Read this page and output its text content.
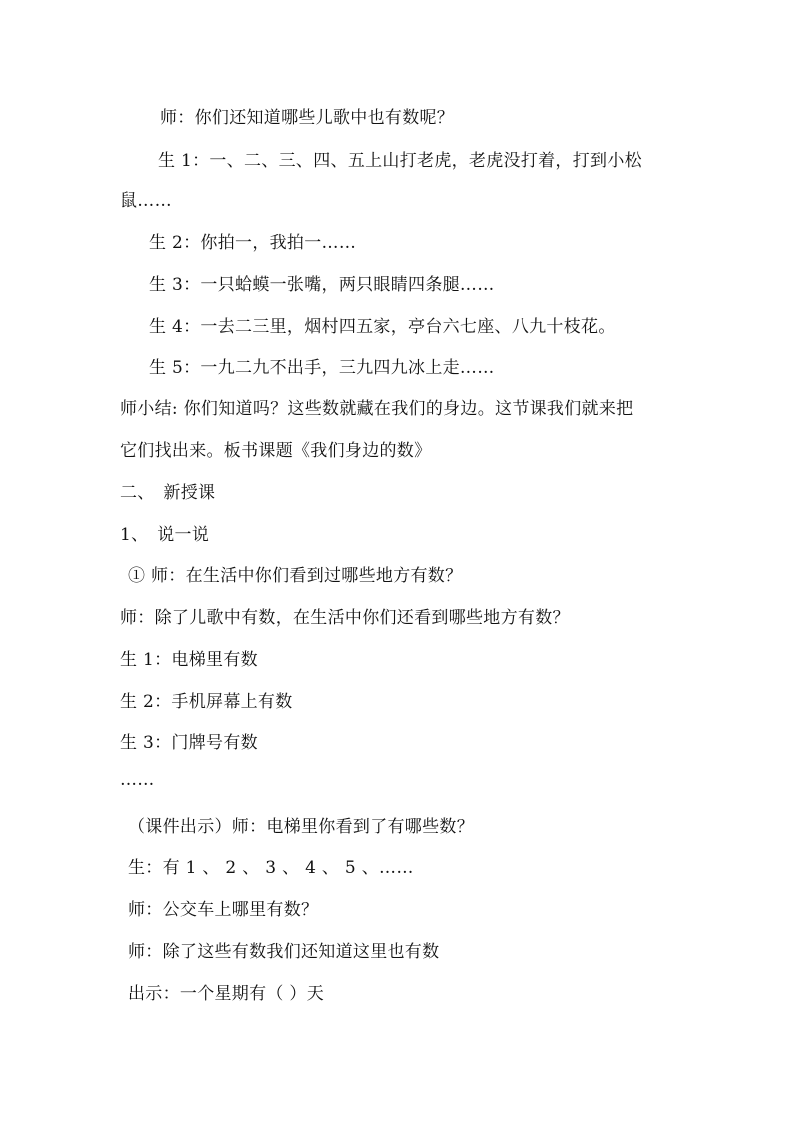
师：你们还知道哪些儿歌中也有数呢？
生 1：一、二、三、四、五上山打老虎，老虎没打着，打到小松
鼠……
生 2：你拍一，我拍一……
生 3：一只蛤蟆一张嘴，两只眼睛四条腿……
生 4：一去二三里，烟村四五家，亭台六七座、八九十枝花。
生 5：一九二九不出手，三九四九冰上走……
师小结: 你们知道吗？这些数就藏在我们的身边。这节课我们就来把
它们找出来。板书课题《我们身边的数》
二、　新授课
1、　说一说
① 师：在生活中你们看到过哪些地方有数？
师：除了儿歌中有数，在生活中你们还看到哪些地方有数？
生 1：电梯里有数
生 2：手机屏幕上有数
生 3：门牌号有数
……
（课件出示）师：电梯里你看到了有哪些数？
生：有 1 、 2 、 3 、 4 、 5 、……
师：公交车上哪里有数？
师：除了这些有数我们还知道这里也有数
出示：一个星期有（ ）天
